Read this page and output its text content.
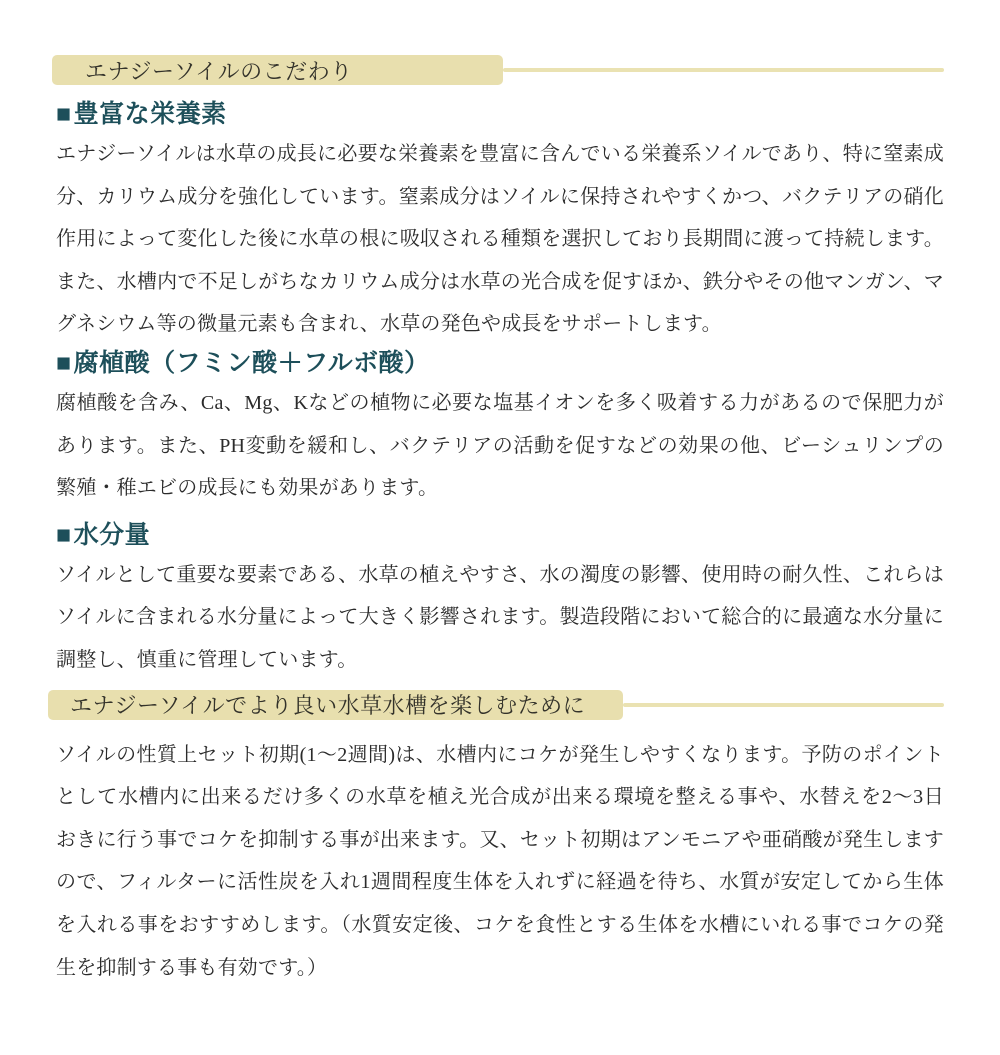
エナジーソイルのこだわり
■豊富な栄養素

エナジーソイルは水草の成長に必要な栄養素を豊富に含んでいる栄養系ソイルであり、特に窒素成分、カリウム成分を強化しています。窒素成分はソイルに保持されやすくかつ、バクテリアの硝化作用によって変化した後に水草の根に吸収される種類を選択しており長期間に渡って持続します。また、水槽内で不足しがちなカリウム成分は水草の光合成を促すほか、鉄分やその他マンガン、マグネシウム等の微量元素も含まれ、水草の発色や成長をサポートします。

■腐植酸（フミン酸＋フルボ酸）

腐植酸を含み、Ca、Mg、Kなどの植物に必要な塩基イオンを多く吸着する力があるので保肥力があります。また、PH変動を緩和し、バクテリアの活動を促すなどの効果の他、ビーシュリンプの繁殖・稚エビの成長にも効果があります。

■水分量

ソイルとして重要な要素である、水草の植えやすさ、水の濁度の影響、使用時の耐久性、これらはソイルに含まれる水分量によって大きく影響されます。製造段階において総合的に最適な水分量に調整し、慎重に管理しています。

エナジーソイルでより良い水草水槽を楽しむために

ソイルの性質上セット初期(1～2週間)は、水槽内にコケが発生しやすくなります。予防のポイントとして水槽内に出来るだけ多くの水草を植え光合成が出来る環境を整える事や、水替えを2～3日おきに行う事でコケを抑制する事が出来ます。又、セット初期はアンモニアや亜硝酸が発生しますので、フィルターに活性炭を入れ1週間程度生体を入れずに経過を待ち、水質が安定してから生体を入れる事をおすすめします。（水質安定後、コケを食性とする生体を水槽にいれる事でコケの発生を抑制する事も有効です。）
